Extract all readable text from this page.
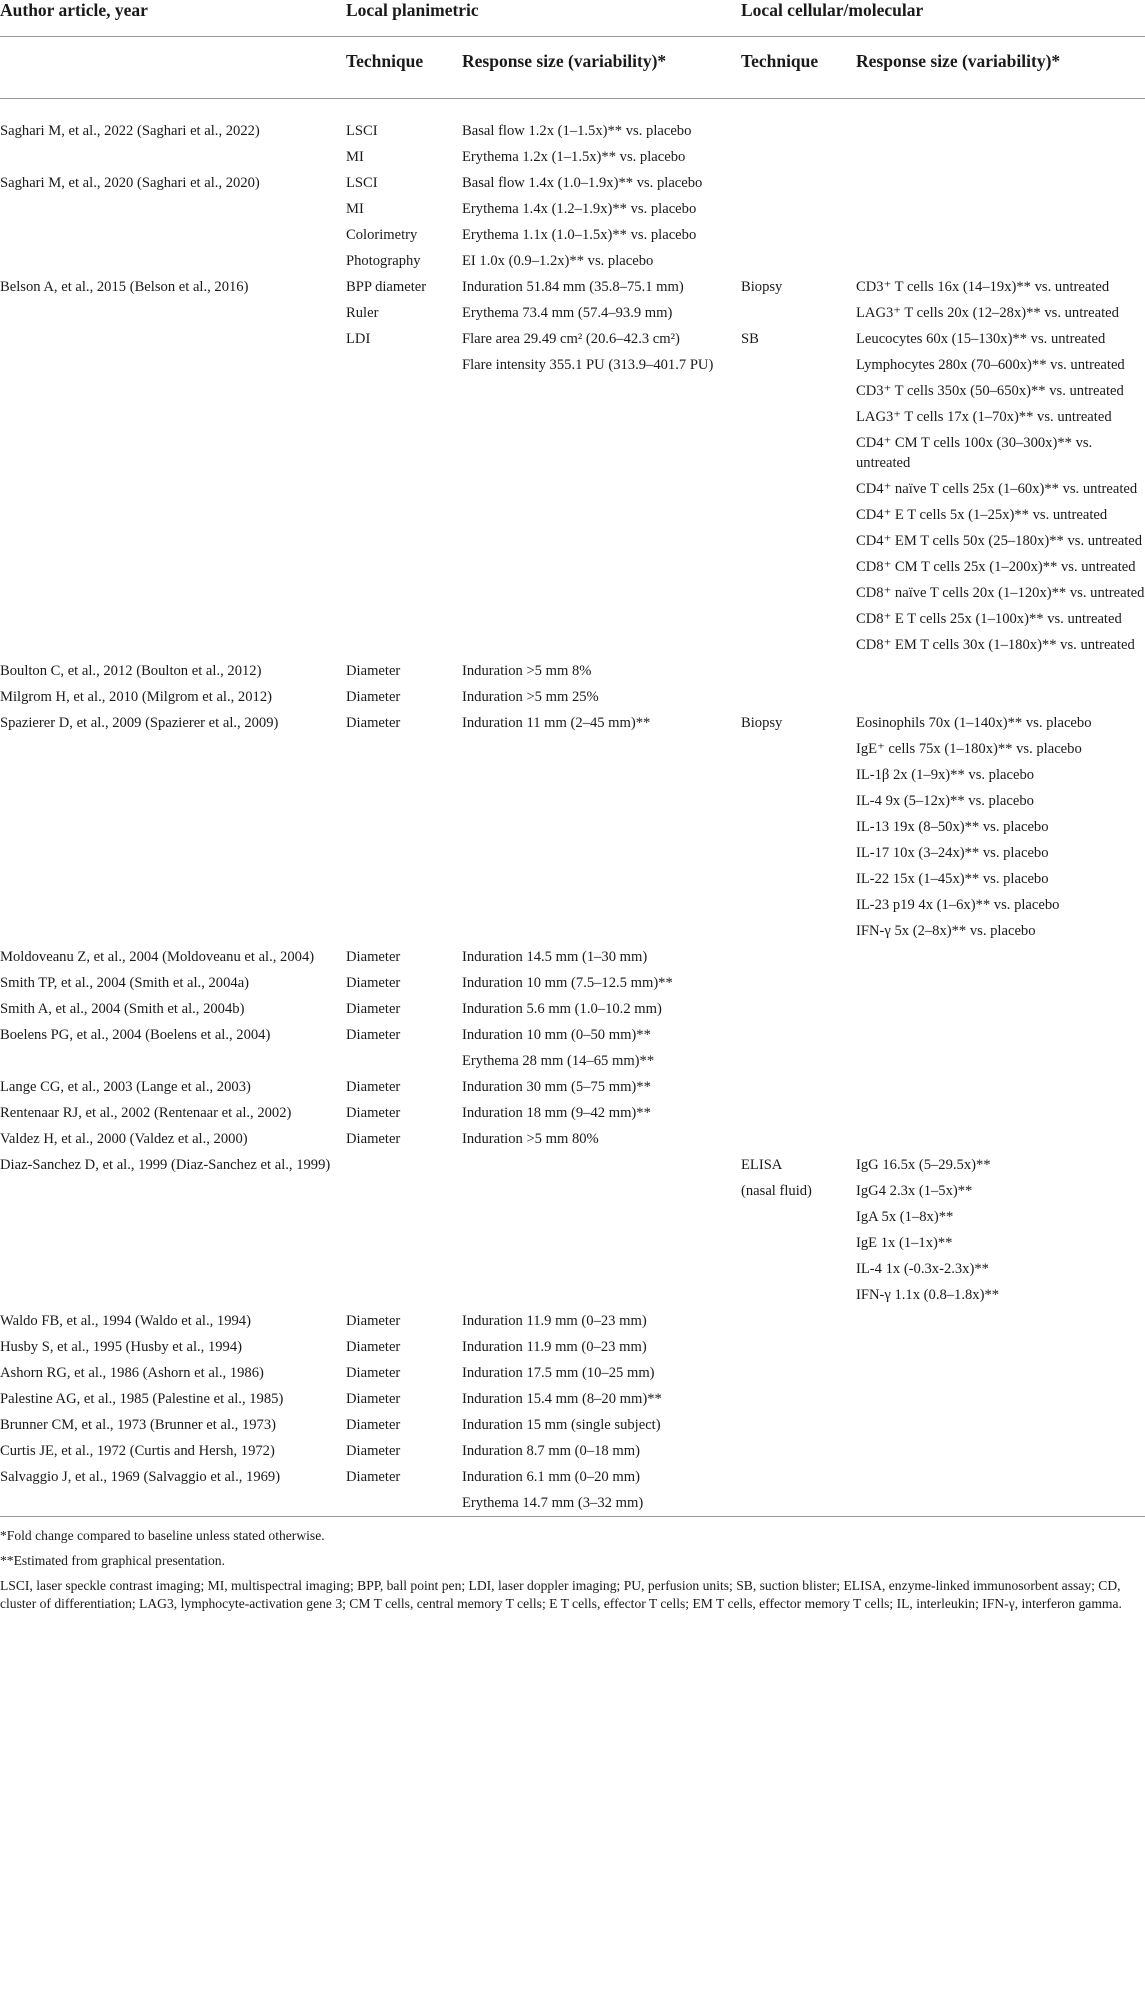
Author article, year	Local planimetric		Local cellular/molecular	
	Technique	Response size (variability)*	Technique	Response size (variability)*

Saghari M, et al., 2022 (Saghari et al., 2022)	LSCI	Basal flow 1.2x (1–1.5x)** vs. placebo		
	MI	Erythema 1.2x (1–1.5x)** vs. placebo		
Saghari M, et al., 2020 (Saghari et al., 2020)	LSCI	Basal flow 1.4x (1.0–1.9x)** vs. placebo		
	MI	Erythema 1.4x (1.2–1.9x)** vs. placebo		
	Colorimetry	Erythema 1.1x (1.0–1.5x)** vs. placebo		
	Photography	EI 1.0x (0.9–1.2x)** vs. placebo		
Belson A, et al., 2015 (Belson et al., 2016)	BPP diameter	Induration 51.84 mm (35.8–75.1 mm)	Biopsy	CD3⁺ T cells 16x (14–19x)** vs. untreated
	Ruler	Erythema 73.4 mm (57.4–93.9 mm)		LAG3⁺ T cells 20x (12–28x)** vs. untreated
	LDI	Flare area 29.49 cm² (20.6–42.3 cm²)	SB	Leucocytes 60x (15–130x)** vs. untreated
		Flare intensity 355.1 PU (313.9–401.7 PU)		Lymphocytes 280x (70–600x)** vs. untreated
				CD3⁺ T cells 350x (50–650x)** vs. untreated
				LAG3⁺ T cells 17x (1–70x)** vs. untreated
				CD4⁺ CM T cells 100x (30–300x)** vs. untreated
				CD4⁺ naïve T cells 25x (1–60x)** vs. untreated
				CD4⁺ E T cells 5x (1–25x)** vs. untreated
				CD4⁺ EM T cells 50x (25–180x)** vs. untreated
				CD8⁺ CM T cells 25x (1–200x)** vs. untreated
				CD8⁺ naïve T cells 20x (1–120x)** vs. untreated
				CD8⁺ E T cells 25x (1–100x)** vs. untreated
				CD8⁺ EM T cells 30x (1–180x)** vs. untreated
Boulton C, et al., 2012 (Boulton et al., 2012)	Diameter	Induration >5 mm 8%		
Milgrom H, et al., 2010 (Milgrom et al., 2012)	Diameter	Induration >5 mm 25%		
Spazierer D, et al., 2009 (Spazierer et al., 2009)	Diameter	Induration 11 mm (2–45 mm)**	Biopsy	Eosinophils 70x (1–140x)** vs. placebo
				IgE⁺ cells 75x (1–180x)** vs. placebo
				IL-1β 2x (1–9x)** vs. placebo
				IL-4 9x (5–12x)** vs. placebo
				IL-13 19x (8–50x)** vs. placebo
				IL-17 10x (3–24x)** vs. placebo
				IL-22 15x (1–45x)** vs. placebo
				IL-23 p19 4x (1–6x)** vs. placebo
				IFN-γ 5x (2–8x)** vs. placebo
Moldoveanu Z, et al., 2004 (Moldoveanu et al., 2004)	Diameter	Induration 14.5 mm (1–30 mm)		
Smith TP, et al., 2004 (Smith et al., 2004a)	Diameter	Induration 10 mm (7.5–12.5 mm)**		
Smith A, et al., 2004 (Smith et al., 2004b)	Diameter	Induration 5.6 mm (1.0–10.2 mm)		
Boelens PG, et al., 2004 (Boelens et al., 2004)	Diameter	Induration 10 mm (0–50 mm)**		
		Erythema 28 mm (14–65 mm)**		
Lange CG, et al., 2003 (Lange et al., 2003)	Diameter	Induration 30 mm (5–75 mm)**		
Rentenaar RJ, et al., 2002 (Rentenaar et al., 2002)	Diameter	Induration 18 mm (9–42 mm)**		
Valdez H, et al., 2000 (Valdez et al., 2000)	Diameter	Induration >5 mm 80%		
Diaz-Sanchez D, et al., 1999 (Diaz-Sanchez et al., 1999)			ELISA	IgG 16.5x (5–29.5x)**
			(nasal fluid)	IgG4 2.3x (1–5x)**
				IgA 5x (1–8x)**
				IgE 1x (1–1x)**
				IL-4 1x (-0.3x-2.3x)**
				IFN-γ 1.1x (0.8–1.8x)**
Waldo FB, et al., 1994 (Waldo et al., 1994)	Diameter	Induration 11.9 mm (0–23 mm)		
Husby S, et al., 1995 (Husby et al., 1994)	Diameter	Induration 11.9 mm (0–23 mm)		
Ashorn RG, et al., 1986 (Ashorn et al., 1986)	Diameter	Induration 17.5 mm (10–25 mm)		
Palestine AG, et al., 1985 (Palestine et al., 1985)	Diameter	Induration 15.4 mm (8–20 mm)**		
Brunner CM, et al., 1973 (Brunner et al., 1973)	Diameter	Induration 15 mm (single subject)		
Curtis JE, et al., 1972 (Curtis and Hersh, 1972)	Diameter	Induration 8.7 mm (0–18 mm)		
Salvaggio J, et al., 1969 (Salvaggio et al., 1969)	Diameter	Induration 6.1 mm (0–20 mm)		
		Erythema 14.7 mm (3–32 mm)		

*Fold change compared to baseline unless stated otherwise.

**Estimated from graphical presentation.

LSCI, laser speckle contrast imaging; MI, multispectral imaging; BPP, ball point pen; LDI, laser doppler imaging; PU, perfusion units; SB, suction blister; ELISA, enzyme-linked immunosorbent assay; CD, cluster of differentiation; LAG3, lymphocyte-activation gene 3; CM T cells, central memory T cells; E T cells, effector T cells; EM T cells, effector memory T cells; IL, interleukin; IFN-γ, interferon gamma.
